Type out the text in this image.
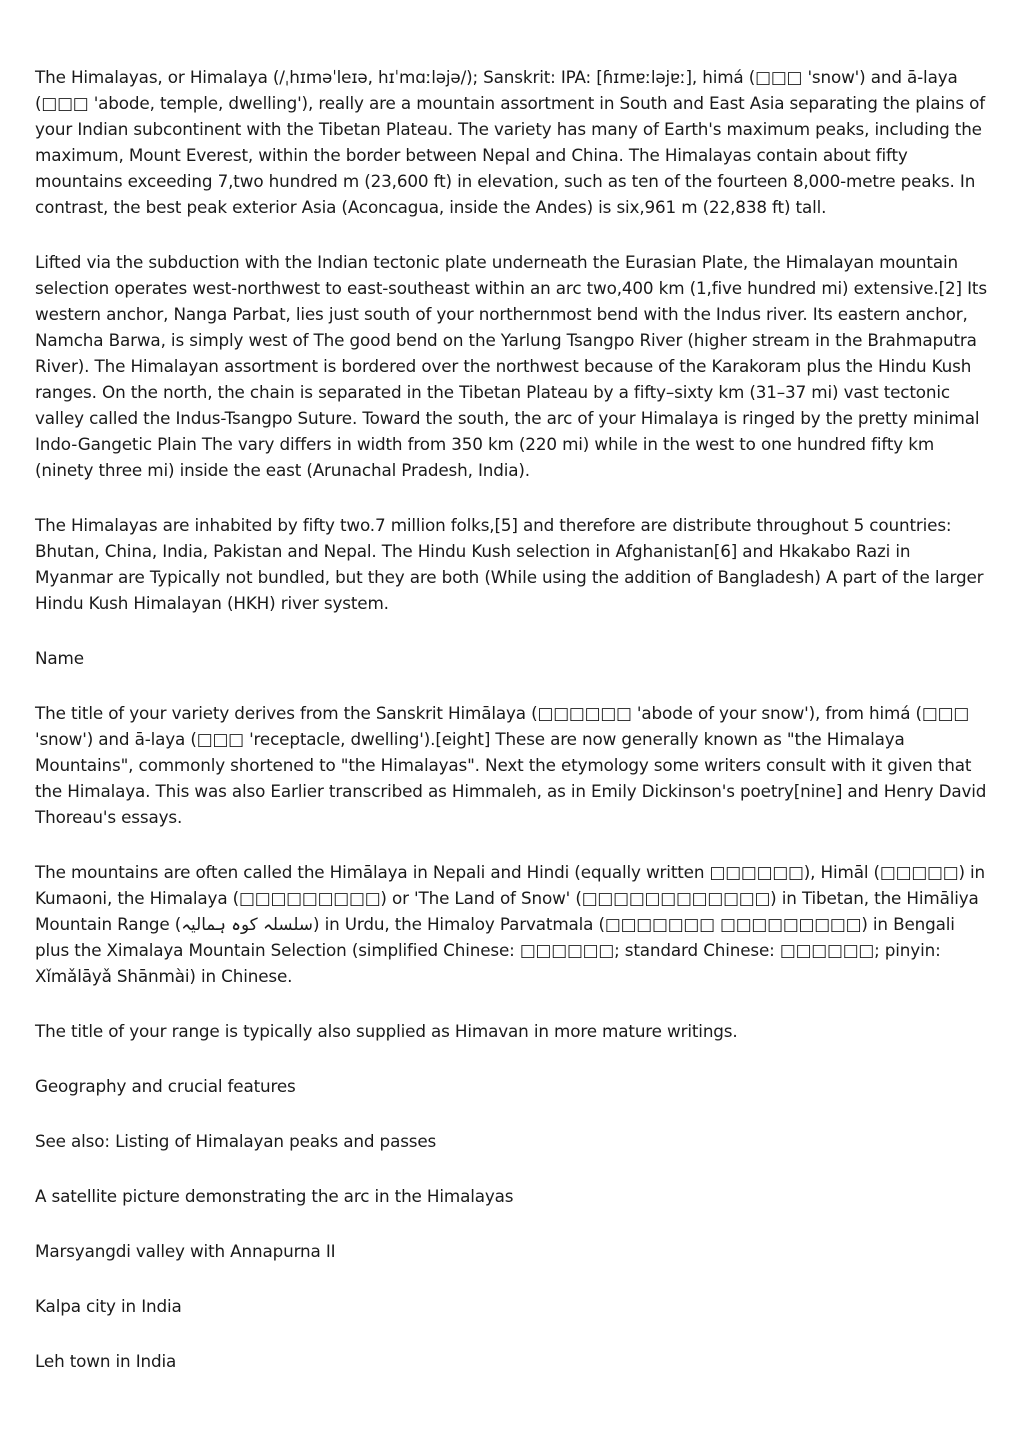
The Himalayas, or Himalaya (/ˌhɪməˈleɪə, hɪˈmɑːləjə/); Sanskrit: IPA: [ɦɪmɐːləjɐː], himá (□□□ 'snow') and ā-laya (□□□ 'abode, temple, dwelling'), really are a mountain assortment in South and East Asia separating the plains of your Indian subcontinent with the Tibetan Plateau. The variety has many of Earth's maximum peaks, including the maximum, Mount Everest, within the border between Nepal and China. The Himalayas contain about fifty mountains exceeding 7,two hundred m (23,600 ft) in elevation, such as ten of the fourteen 8,000-metre peaks. In contrast, the best peak exterior Asia (Aconcagua, inside the Andes) is six,961 m (22,838 ft) tall.

Lifted via the subduction with the Indian tectonic plate underneath the Eurasian Plate, the Himalayan mountain selection operates west-northwest to east-southeast within an arc two,400 km (1,five hundred mi) extensive.[2] Its western anchor, Nanga Parbat, lies just south of your northernmost bend with the Indus river. Its eastern anchor, Namcha Barwa, is simply west of The good bend on the Yarlung Tsangpo River (higher stream in the Brahmaputra River). The Himalayan assortment is bordered over the northwest because of the Karakoram plus the Hindu Kush ranges. On the north, the chain is separated in the Tibetan Plateau by a fifty–sixty km (31–37 mi) vast tectonic valley called the Indus-Tsangpo Suture. Toward the south, the arc of your Himalaya is ringed by the pretty minimal Indo-Gangetic Plain The vary differs in width from 350 km (220 mi) while in the west to one hundred fifty km (ninety three mi) inside the east (Arunachal Pradesh, India).

The Himalayas are inhabited by fifty two.7 million folks,[5] and therefore are distribute throughout 5 countries: Bhutan, China, India, Pakistan and Nepal. The Hindu Kush selection in Afghanistan[6] and Hkakabo Razi in Myanmar are Typically not bundled, but they are both (While using the addition of Bangladesh) A part of the larger Hindu Kush Himalayan (HKH) river system.

Name

The title of your variety derives from the Sanskrit Himālaya (□□□□□□ 'abode of your snow'), from himá (□□□ 'snow') and ā-laya (□□□ 'receptacle, dwelling').[eight] These are now generally known as "the Himalaya Mountains", commonly shortened to "the Himalayas". Next the etymology some writers consult with it given that the Himalaya. This was also Earlier transcribed as Himmaleh, as in Emily Dickinson's poetry[nine] and Henry David Thoreau's essays.

The mountains are often called the Himālaya in Nepali and Hindi (equally written □□□□□□), Himāl (□□□□□) in Kumaoni, the Himalaya (□□□□□□□□□) or 'The Land of Snow' (□□□□□□□□□□□□) in Tibetan, the Himāliya Mountain Range (سلسلہ کوہ ہمالیہ) in Urdu, the Himaloy Parvatmala (□□□□□□□ □□□□□□□□□) in Bengali plus the Ximalaya Mountain Selection (simplified Chinese: □□□□□□; standard Chinese: □□□□□□; pinyin: Xǐmǎlāyǎ Shānmài) in Chinese.

The title of your range is typically also supplied as Himavan in more mature writings.

Geography and crucial features

See also: Listing of Himalayan peaks and passes

A satellite picture demonstrating the arc in the Himalayas

Marsyangdi valley with Annapurna II

Kalpa city in India

Leh town in India
